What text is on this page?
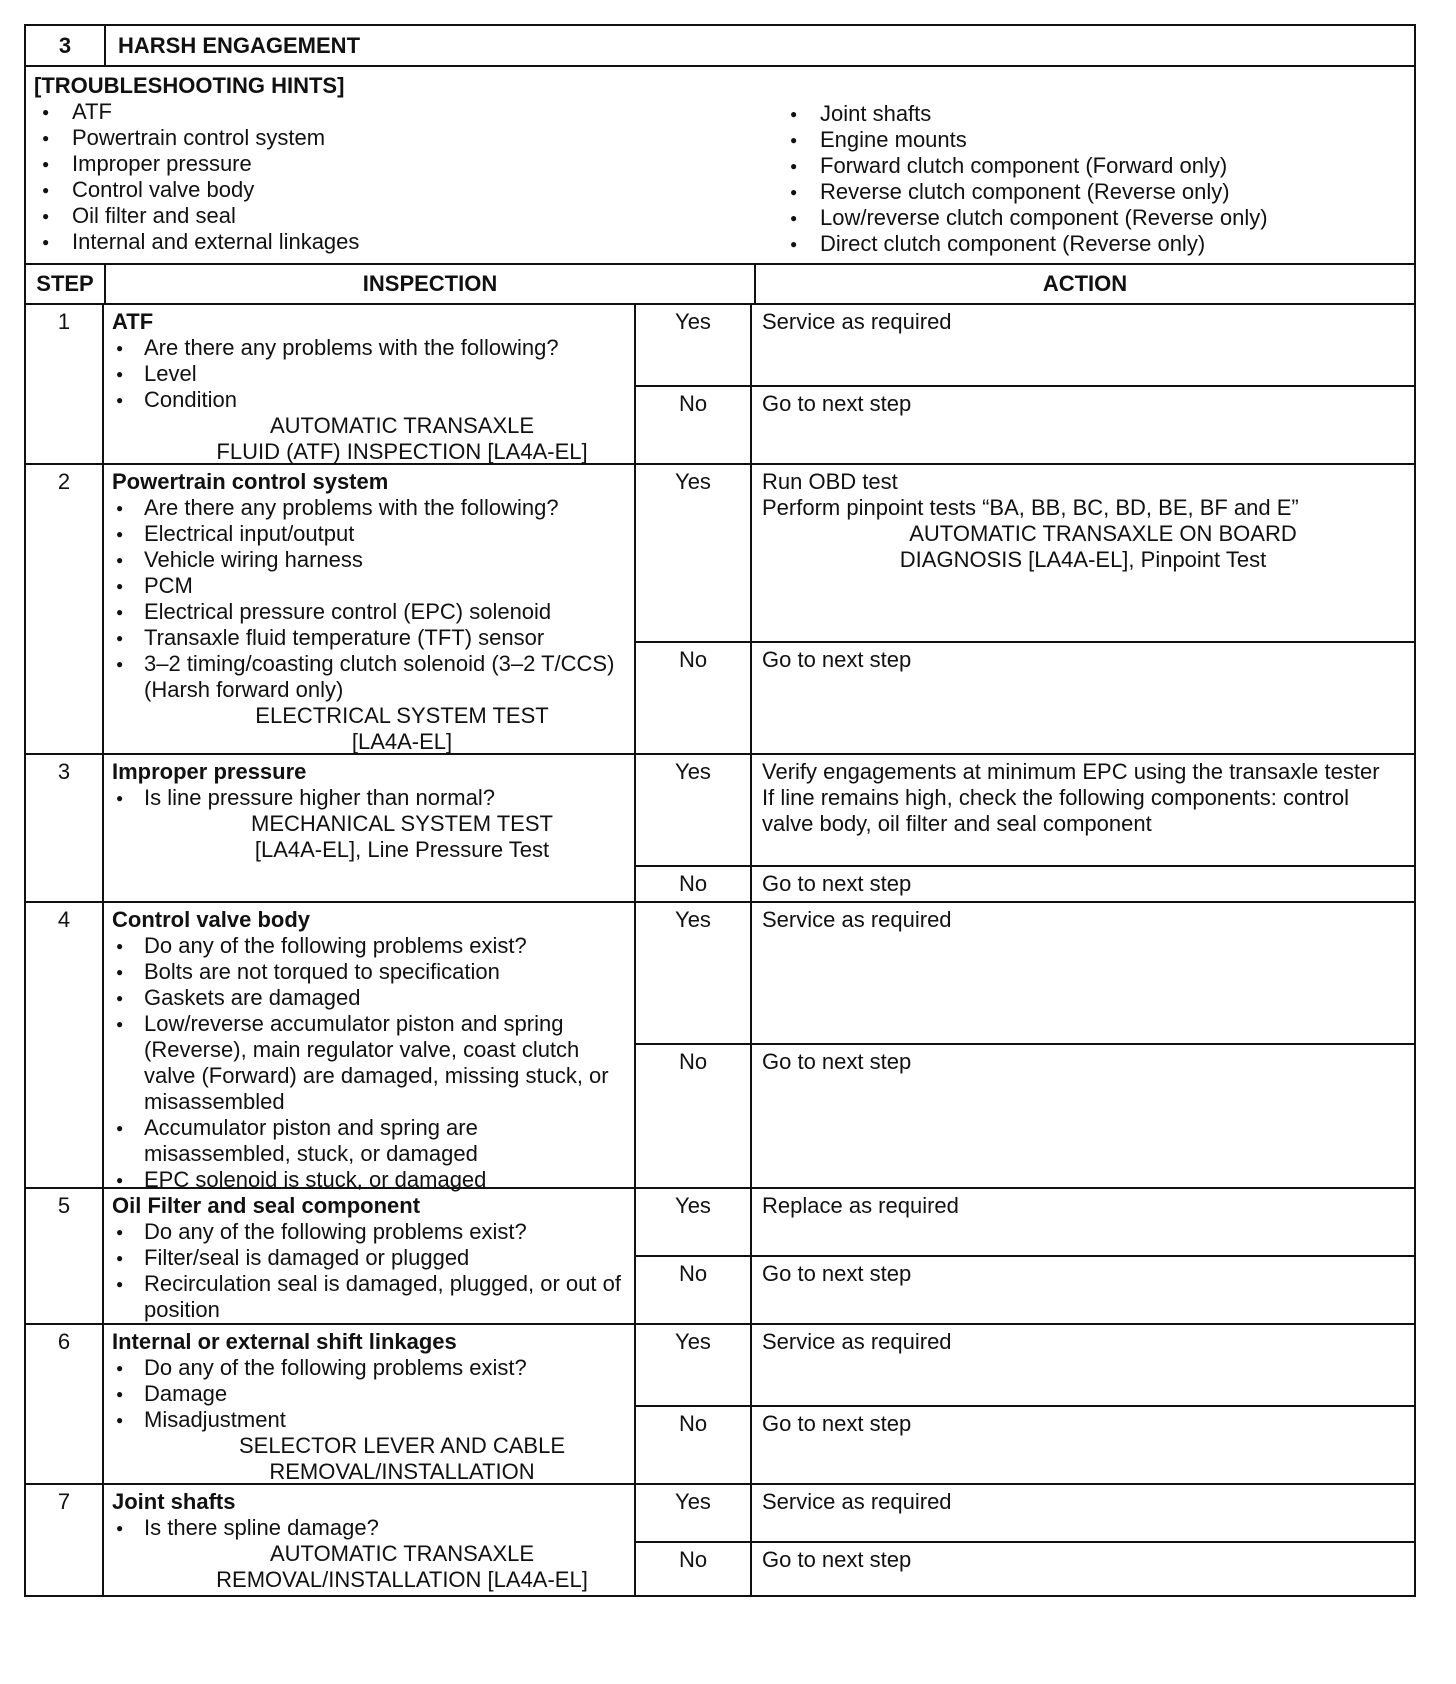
3	HARSH ENGAGEMENT
[TROUBLESHOOTING HINTS]
● ATF
● Powertrain control system
● Improper pressure
● Control valve body
● Oil filter and seal
● Internal and external linkages
● Joint shafts
● Engine mounts
● Forward clutch component (Forward only)
● Reverse clutch component (Reverse only)
● Low/reverse clutch component (Reverse only)
● Direct clutch component (Reverse only)
STEP	INSPECTION	ACTION
1	ATF
● Are there any problems with the following?
● Level
● Condition
AUTOMATIC TRANSAXLE
FLUID (ATF) INSPECTION [LA4A-EL]
Yes	Service as required
No	Go to next step
2	Powertrain control system
● Are there any problems with the following?
● Electrical input/output
● Vehicle wiring harness
● PCM
● Electrical pressure control (EPC) solenoid
● Transaxle fluid temperature (TFT) sensor
● 3–2 timing/coasting clutch solenoid (3–2 T/CCS) (Harsh forward only)
ELECTRICAL SYSTEM TEST
[LA4A-EL]
Yes	Run OBD test
Perform pinpoint tests “BA, BB, BC, BD, BE, BF and E”
AUTOMATIC TRANSAXLE ON BOARD
DIAGNOSIS [LA4A-EL], Pinpoint Test
No	Go to next step
3	Improper pressure
● Is line pressure higher than normal?
MECHANICAL SYSTEM TEST
[LA4A-EL], Line Pressure Test
Yes	Verify engagements at minimum EPC using the transaxle tester
If line remains high, check the following components: control valve body, oil filter and seal component
No	Go to next step
4	Control valve body
● Do any of the following problems exist?
● Bolts are not torqued to specification
● Gaskets are damaged
● Low/reverse accumulator piston and spring (Reverse), main regulator valve, coast clutch valve (Forward) are damaged, missing stuck, or misassembled
● Accumulator piston and spring are misassembled, stuck, or damaged
● EPC solenoid is stuck, or damaged
Yes	Service as required
No	Go to next step
5	Oil Filter and seal component
● Do any of the following problems exist?
● Filter/seal is damaged or plugged
● Recirculation seal is damaged, plugged, or out of position
Yes	Replace as required
No	Go to next step
6	Internal or external shift linkages
● Do any of the following problems exist?
● Damage
● Misadjustment
SELECTOR LEVER AND CABLE
REMOVAL/INSTALLATION
Yes	Service as required
No	Go to next step
7	Joint shafts
● Is there spline damage?
AUTOMATIC TRANSAXLE
REMOVAL/INSTALLATION [LA4A-EL]
Yes	Service as required
No	Go to next step
